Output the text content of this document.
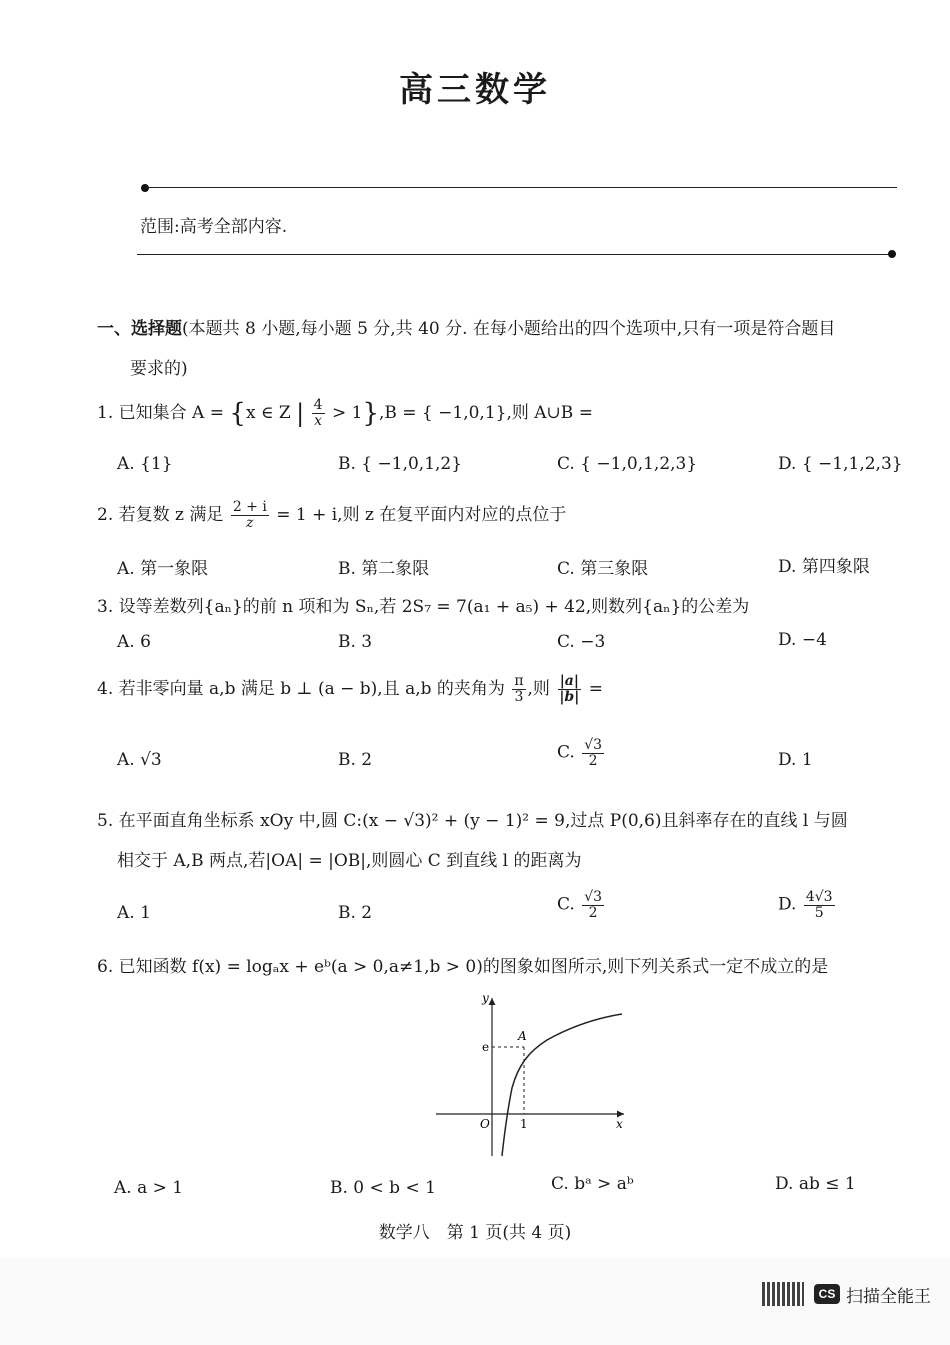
高三数学
范围:高考全部内容.
一、选择题(本题共 8 小题,每小题 5 分,共 40 分. 在每小题给出的四个选项中,只有一项是符合题目
要求的)
1. 已知集合 A = {x ∈ Z | $\frac{4}{x} > 1\},B$ = { −1,0,1},则 A∪B =
A. {1}	B. { −1,0,1,2}	C. { −1,0,1,2,3}	D. { −1,1,2,3}
2. 若复数 z 满足 $\frac{2 + i}{z} = 1 + i$,则 z 在复平面内对应的点位于
A. 第一象限	B. 第二象限	C. 第三象限	D. 第四象限
3. 设等差数列{aₙ}的前 n 项和为 Sₙ,若 2S₇ = 7(a₁ + a₅) + 42,则数列{aₙ}的公差为
A. 6	B. 3	C. −3	D. −4
4. 若非零向量 a,b 满足 b ⊥ (a − b),且 a,b 的夹角为 $\frac{\pi}{3}$ ,则 $\frac{|a|}{|b|}$ =
A. √3	B. 2	C. $\frac{√3}{2}$	D. 1
5. 在平面直角坐标系 xOy 中,圆 C:(x − √3)² + (y − 1)² = 9,过点 P(0,6)且斜率存在的直线 l 与圆
相交于 A,B 两点,若|OA| = |OB|,则圆心 C 到直线 l 的距离为
A. 1	B. 2	C. $\frac{√3}{2}$	D. $\frac{4√3}{5}$
6. 已知函数 f(x) = logₐx + eᵇ(a > 0,a≠1,b > 0)的图象如图所示,则下列关系式一定不成立的是
y
x
O	1
e
A
A. a > 1	B. 0 < b < 1	C. bᵃ > aᵇ	D. ab ≤ 1
数学八　第 1 页(共 4 页)
CS 扫描全能王
